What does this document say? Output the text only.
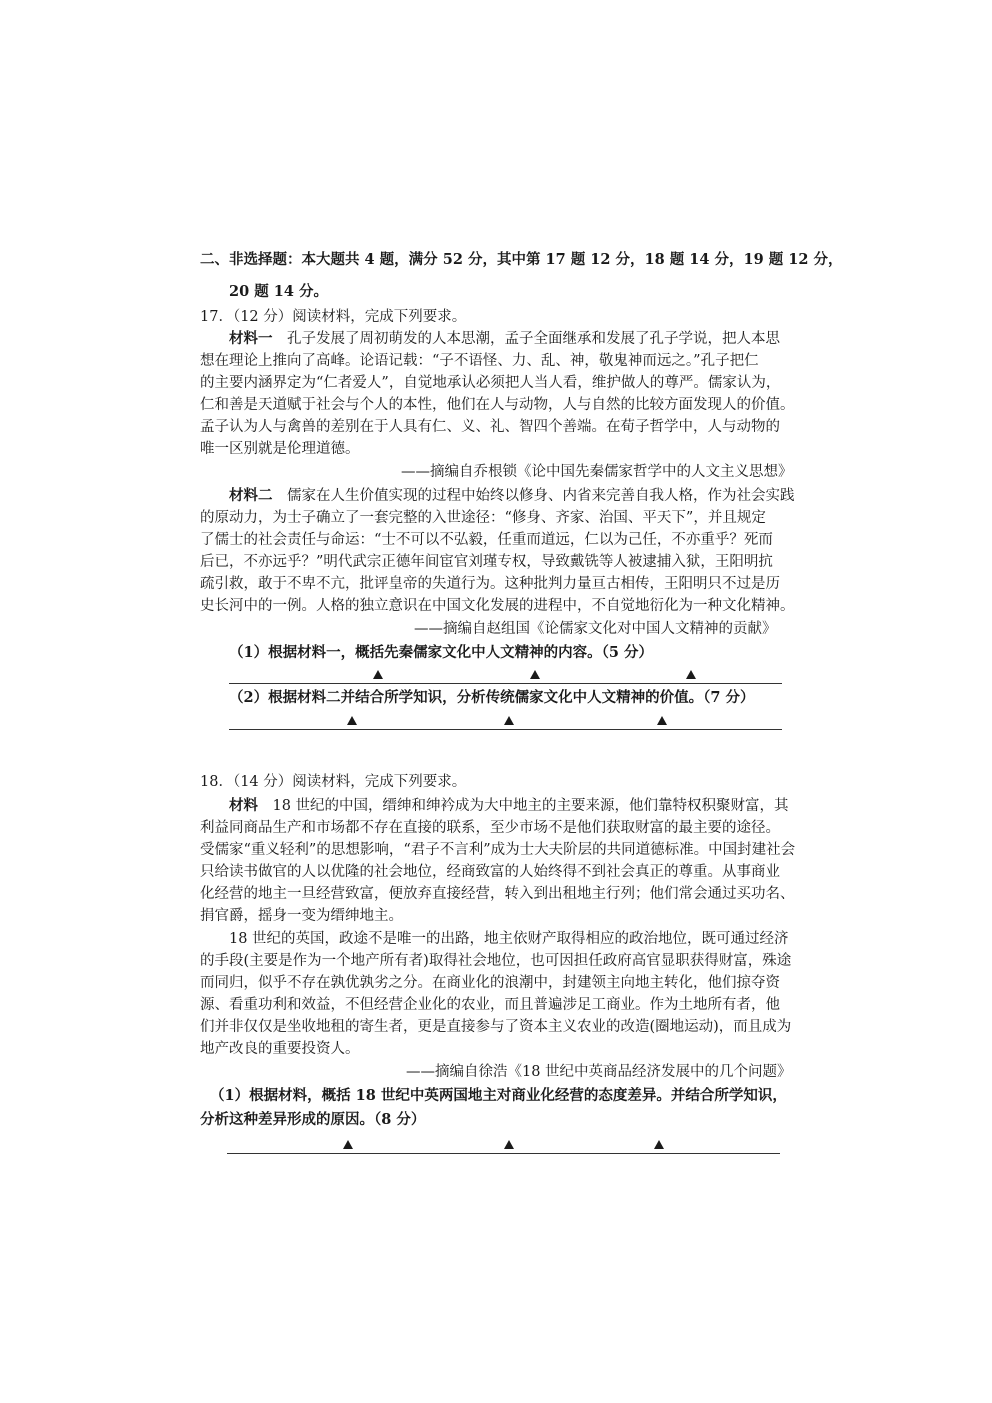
二、非选择题：本大题共 4 题，满分 52 分，其中第 17 题 12 分，18 题 14 分，19 题 12 分，
20 题 14 分。
17．（12 分）阅读材料，完成下列要求。
材料一　 孔子发展了周初萌发的人本思潮，孟子全面继承和发展了孔子学说，把人本思
想在理论上推向了高峰。论语记载：“子不语怪、力、乱、神，敬鬼神而远之。”孔子把仁
的主要内涵界定为“仁者爱人”，自觉地承认必须把人当人看，维护做人的尊严。儒家认为，
仁和善是天道赋于社会与个人的本性，他们在人与动物，人与自然的比较方面发现人的价值。
孟子认为人与禽兽的差别在于人具有仁、义、礼、智四个善端。在荀子哲学中，人与动物的
唯一区别就是伦理道德。
——摘编自乔根锁《论中国先秦儒家哲学中的人文主义思想》
材料二　 儒家在人生价值实现的过程中始终以修身、内省来完善自我人格，作为社会实践
的原动力，为士子确立了一套完整的入世途径：“修身、齐家、治国、平天下”，并且规定
了儒士的社会责任与命运：“士不可以不弘毅，任重而道远，仁以为己任，不亦重乎？死而
后已，不亦远乎？”明代武宗正德年间宦官刘瑾专权，导致戴铣等人被逮捕入狱，王阳明抗
疏引救，敢于不卑不亢，批评皇帝的失道行为。这种批判力量亘古相传，王阳明只不过是历
史长河中的一例。人格的独立意识在中国文化发展的进程中，不自觉地衍化为一种文化精神。
——摘编自赵组国《论儒家文化对中国人文精神的贡献》
（1）根据材料一，概括先秦儒家文化中人文精神的内容。（5 分）
（2）根据材料二并结合所学知识，分析传统儒家文化中人文精神的价值。（7 分）
18．（14 分）阅读材料，完成下列要求。
材料　 18 世纪的中国，缙绅和绅衿成为大中地主的主要来源，他们靠特权积聚财富，其
利益同商品生产和市场都不存在直接的联系，至少市场不是他们获取财富的最主要的途径。
受儒家“重义轻利”的思想影响，“君子不言利”成为士大夫阶层的共同道德标准。中国封建社会
只给读书做官的人以优隆的社会地位，经商致富的人始终得不到社会真正的尊重。从事商业
化经营的地主一旦经营致富，便放弃直接经营，转入到出租地主行列；他们常会通过买功名、
捐官爵，摇身一变为缙绅地主。
18 世纪的英国，政途不是唯一的出路，地主依财产取得相应的政治地位，既可通过经济
的手段(主要是作为一个地产所有者)取得社会地位，也可因担任政府高官显职获得财富，殊途
而同归，似乎不存在孰优孰劣之分。在商业化的浪潮中，封建领主向地主转化，他们掠夺资
源、看重功利和效益，不但经营企业化的农业，而且普遍涉足工商业。作为土地所有者，他
们并非仅仅是坐收地租的寄生者，更是直接参与了资本主义农业的改造(圈地运动)，而且成为
地产改良的重要投资人。
——摘编自徐浩《18 世纪中英商品经济发展中的几个问题》
（1）根据材料，概括 18 世纪中英两国地主对商业化经营的态度差异。并结合所学知识，
分析这种差异形成的原因。（8 分）
